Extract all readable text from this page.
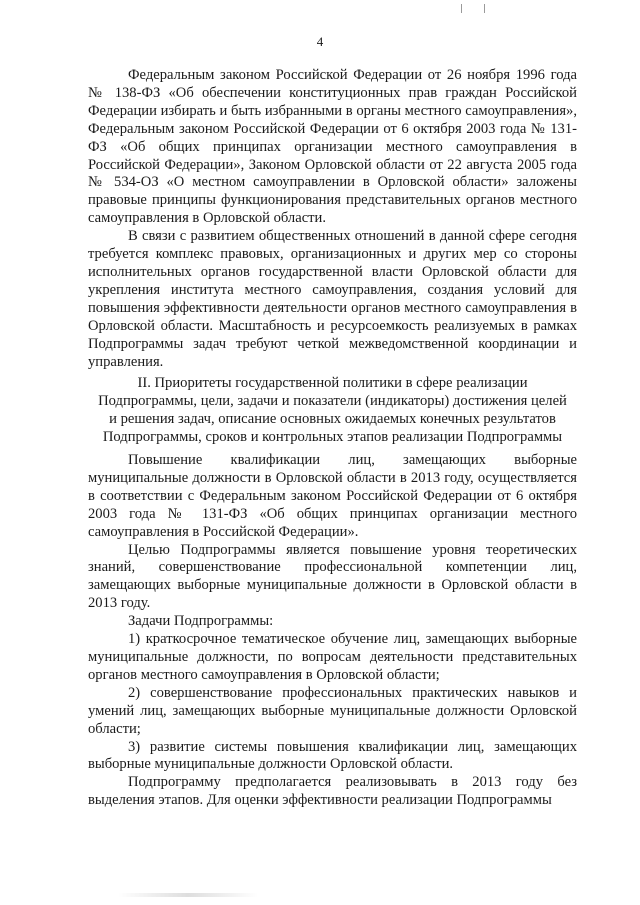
4

Федеральным законом Российской Федерации от 26 ноября 1996 года № 138-ФЗ «Об обеспечении конституционных прав граждан Российской Федерации избирать и быть избранными в органы местного самоуправления», Федеральным законом Российской Федерации от 6 октября 2003 года № 131-ФЗ «Об общих принципах организации местного самоуправления в Российской Федерации», Законом Орловской области от 22 августа 2005 года № 534-ОЗ «О местном самоуправлении в Орловской области» заложены правовые принципы функционирования представительных органов местного самоуправления в Орловской области.

В связи с развитием общественных отношений в данной сфере сегодня требуется комплекс правовых, организационных и других мер со стороны исполнительных органов государственной власти Орловской области для укрепления института местного самоуправления, создания условий для повышения эффективности деятельности органов местного самоуправления в Орловской области. Масштабность и ресурсоемкость реализуемых в рамках Подпрограммы задач требуют четкой межведомственной координации и управления.

II. Приоритеты государственной политики в сфере реализации
Подпрограммы, цели, задачи и показатели (индикаторы) достижения целей
и решения задач, описание основных ожидаемых конечных результатов
Подпрограммы, сроков и контрольных этапов реализации Подпрограммы

Повышение квалификации лиц, замещающих выборные муниципальные должности в Орловской области в 2013 году, осуществляется в соответствии с Федеральным законом Российской Федерации от 6 октября 2003 года № 131-ФЗ «Об общих принципах организации местного самоуправления в Российской Федерации».

Целью Подпрограммы является повышение уровня теоретических знаний, совершенствование профессиональной компетенции лиц, замещающих выборные муниципальные должности в Орловской области в 2013 году.

Задачи Подпрограммы:

1) краткосрочное тематическое обучение лиц, замещающих выборные муниципальные должности, по вопросам деятельности представительных органов местного самоуправления в Орловской области;

2) совершенствование профессиональных практических навыков и умений лиц, замещающих выборные муниципальные должности Орловской области;

3) развитие системы повышения квалификации лиц, замещающих выборные муниципальные должности Орловской области.

Подпрограмму предполагается реализовывать в 2013 году без выделения этапов. Для оценки эффективности реализации Подпрограммы
